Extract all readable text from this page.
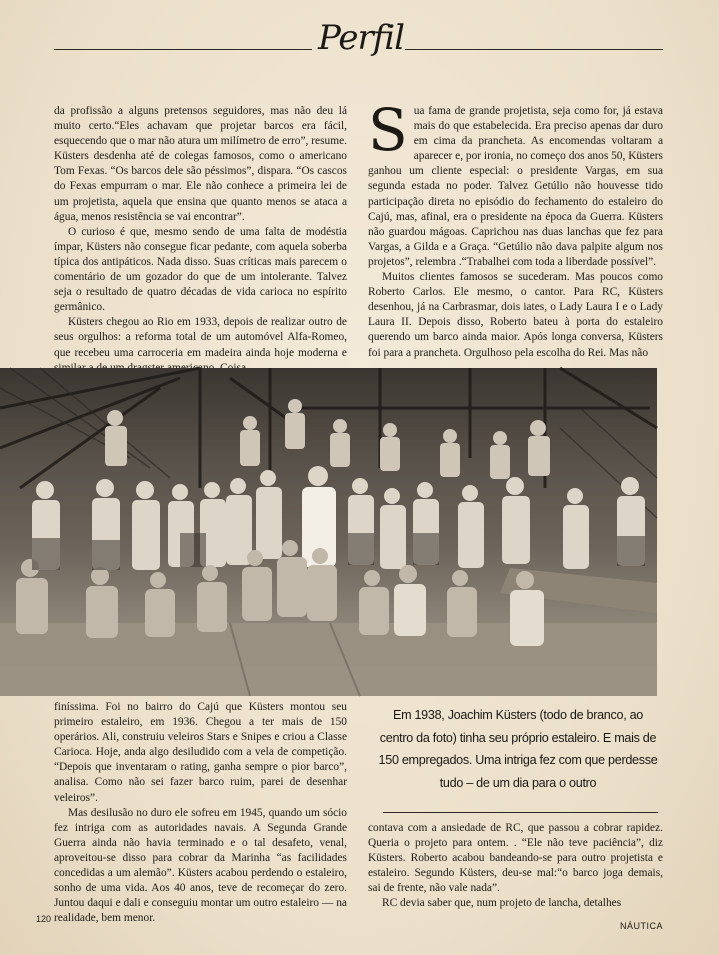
Perfil

da profissão a alguns pretensos seguidores, mas não deu lá muito certo.“Eles achavam que projetar barcos era fácil, esquecendo que o mar não atura um milímetro de erro”, resume. Küsters desdenha até de colegas famosos, como o americano Tom Fexas. “Os barcos dele são péssimos”, dispara. “Os cascos do Fexas empurram o mar. Ele não conhece a primeira lei de um projetista, aquela que ensina que quanto menos se ataca a água, menos resistência se vai encontrar”.

O curioso é que, mesmo sendo de uma falta de modéstia ímpar, Küsters não consegue ficar pedante, com aquela soberba típica dos antipáticos. Nada disso. Suas críticas mais parecem o comentário de um gozador do que de um intolerante. Talvez seja o resultado de quatro décadas de vida carioca no espírito germânico.

Küsters chegou ao Rio em 1933, depois de realizar outro de seus orgulhos: a reforma total de um automóvel Alfa-Romeo, que recebeu uma carroceria em madeira ainda hoje moderna e

S ua fama de grande projetista, seja como for, já estava mais do que estabelecida. Era preciso apenas dar duro em cima da prancheta. As encomendas voltaram a aparecer e, por ironia, no começo dos anos 50, Küsters ganhou um cliente especial: o presidente Vargas, em sua segunda estada no poder. Talvez Getúlio não houvesse tido participação direta no episódio do fechamento do estaleiro do Cajú, mas, afinal, era o presidente na época da Guerra. Küsters não guardou mágoas. Caprichou nas duas lanchas que fez para Vargas, a Gilda e a Graça. “Getúlio não dava palpite algum nos projetos”, relembra .“Trabalhei com toda a liberdade possível”.

Muitos clientes famosos se sucederam. Mas poucos como Roberto Carlos. Ele mesmo, o cantor. Para RC, Küsters desenhou, já na Carbrasmar, dois iates, o Lady Laura I e o Lady Laura II. Depois disso, Roberto bateu à porta do estaleiro querendo um barco ainda maior. Após longa conversa, Küsters foi para a prancheta. Orgulhoso pela escolha do Rei. Mas não

finíssima. Foi no bairro do Cajú que Küsters montou seu primeiro estaleiro, em 1936. Chegou a ter mais de 150 operários. Ali, construiu veleiros Stars e Snipes e criou a Classe Carioca. Hoje, anda algo desiludido com a vela de competição. “Depois que inventaram o rating, ganha sempre o pior barco”, analisa. Como não sei fazer barco ruim, parei de desenhar veleiros”.

Mas desilusão no duro ele sofreu em 1945, quando um sócio fez intriga com as autoridades navais. A Segunda Grande Guerra ainda não havia terminado e o tal desafeto, venal, aproveitou-se disso para cobrar da Marinha “as facilidades concedidas a um alemão”. Küsters acabou perdendo o estaleiro, sonho de uma vida. Aos 40 anos, teve de recomeçar do zero. Juntou daqui e dali e conseguiu montar um outro estaleiro — na realidade, bem menor.

Em 1938, Joachim Küsters (todo de branco, ao centro da foto) tinha seu próprio estaleiro. E mais de 150 empregados. Uma intriga fez com que perdesse tudo – de um dia para o outro

contava com a ansiedade de RC, que passou a cobrar rapidez. Queria o projeto para ontem. . “Ele não teve paciência”, diz Küsters. Roberto acabou bandeando-se para outro projetista e estaleiro. Segundo Küsters, deu-se mal:“o barco joga demais, sai de frente, não vale nada”.

RC devia saber que, num projeto de lancha, detalhes

120
NÁUTICA
